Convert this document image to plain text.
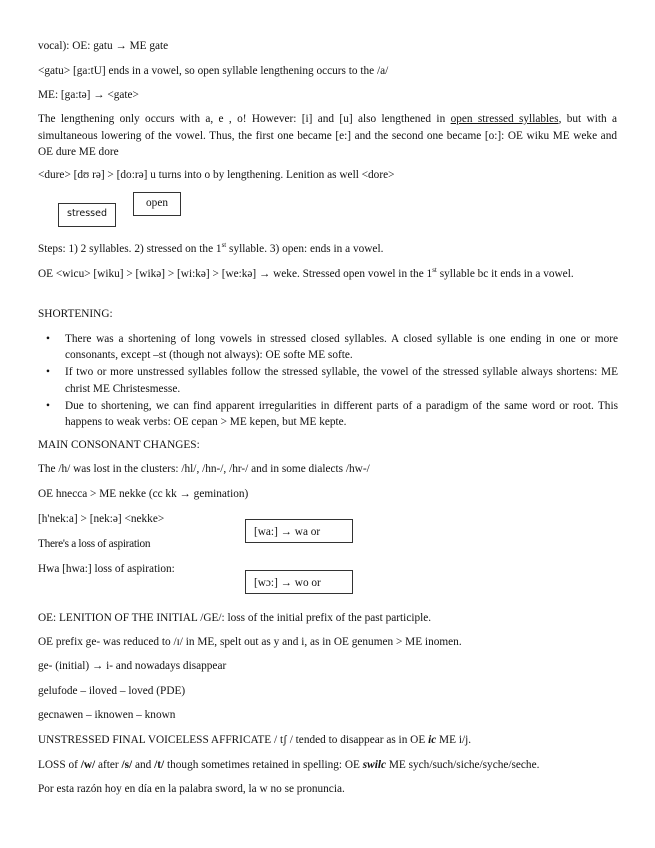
vocal): OE: gatu → ME gate
<gatu> [ga:tU] ends in a vowel, so open syllable lengthening occurs to the /a/
ME: [ga:tə] → <gate>
The lengthening only occurs with a, e , o! However: [i] and [u] also lengthened in open stressed syllables, but with a simultaneous lowering of the vowel. Thus, the first one became [e:] and the second one became [o:]: OE wiku ME weke and OE dure ME dore
<dure> [dʊ rə] > [do:rə] u turns into o by lengthening. Lenition as well <dore>
stressed
open
Steps: 1) 2 syllables. 2) stressed on the 1st syllable. 3) open: ends in a vowel.
OE <wicu> [wiku] > [wikə] > [wi:kə] > [we:kə] → weke. Stressed open vowel in the 1st syllable bc it ends in a vowel.
SHORTENING:
• There was a shortening of long vowels in stressed closed syllables. A closed syllable is one ending in one or more consonants, except –st (though not always): OE softe ME softe.
• If two or more unstressed syllables follow the stressed syllable, the vowel of the stressed syllable always shortens: ME christ ME Christesmesse.
• Due to shortening, we can find apparent irregularities in different parts of a paradigm of the same word or root. This happens to weak verbs: OE cepan > ME kepen, but ME kepte.
MAIN CONSONANT CHANGES:
The /h/ was lost in the clusters: /hl/, /hn-/, /hr-/ and in some dialects /hw-/
OE hnecca > ME nekke (cc kk → gemination)
[h'nek:a] > [nek:ə] <nekke>
There's a loss of aspiration
Hwa [hwa:] loss of aspiration:
[wa:] → wa or
[wɔ:] → wo or
OE: LENITION OF THE INITIAL /GE/: loss of the initial prefix of the past participle.
OE prefix ge- was reduced to /ɪ/ in ME, spelt out as y and i, as in OE genumen > ME inomen.
ge- (initial) → i- and nowadays disappear
gelufode – iloved – loved (PDE)
gecnawen – iknowen – known
UNSTRESSED FINAL VOICELESS AFFRICATE / tʃ / tended to disappear as in OE ic ME i/j.
LOSS of /w/ after /s/ and /t/ though sometimes retained in spelling: OE swilc ME sych/such/siche/syche/seche.
Por esta razón hoy en día en la palabra sword, la w no se pronuncia.
